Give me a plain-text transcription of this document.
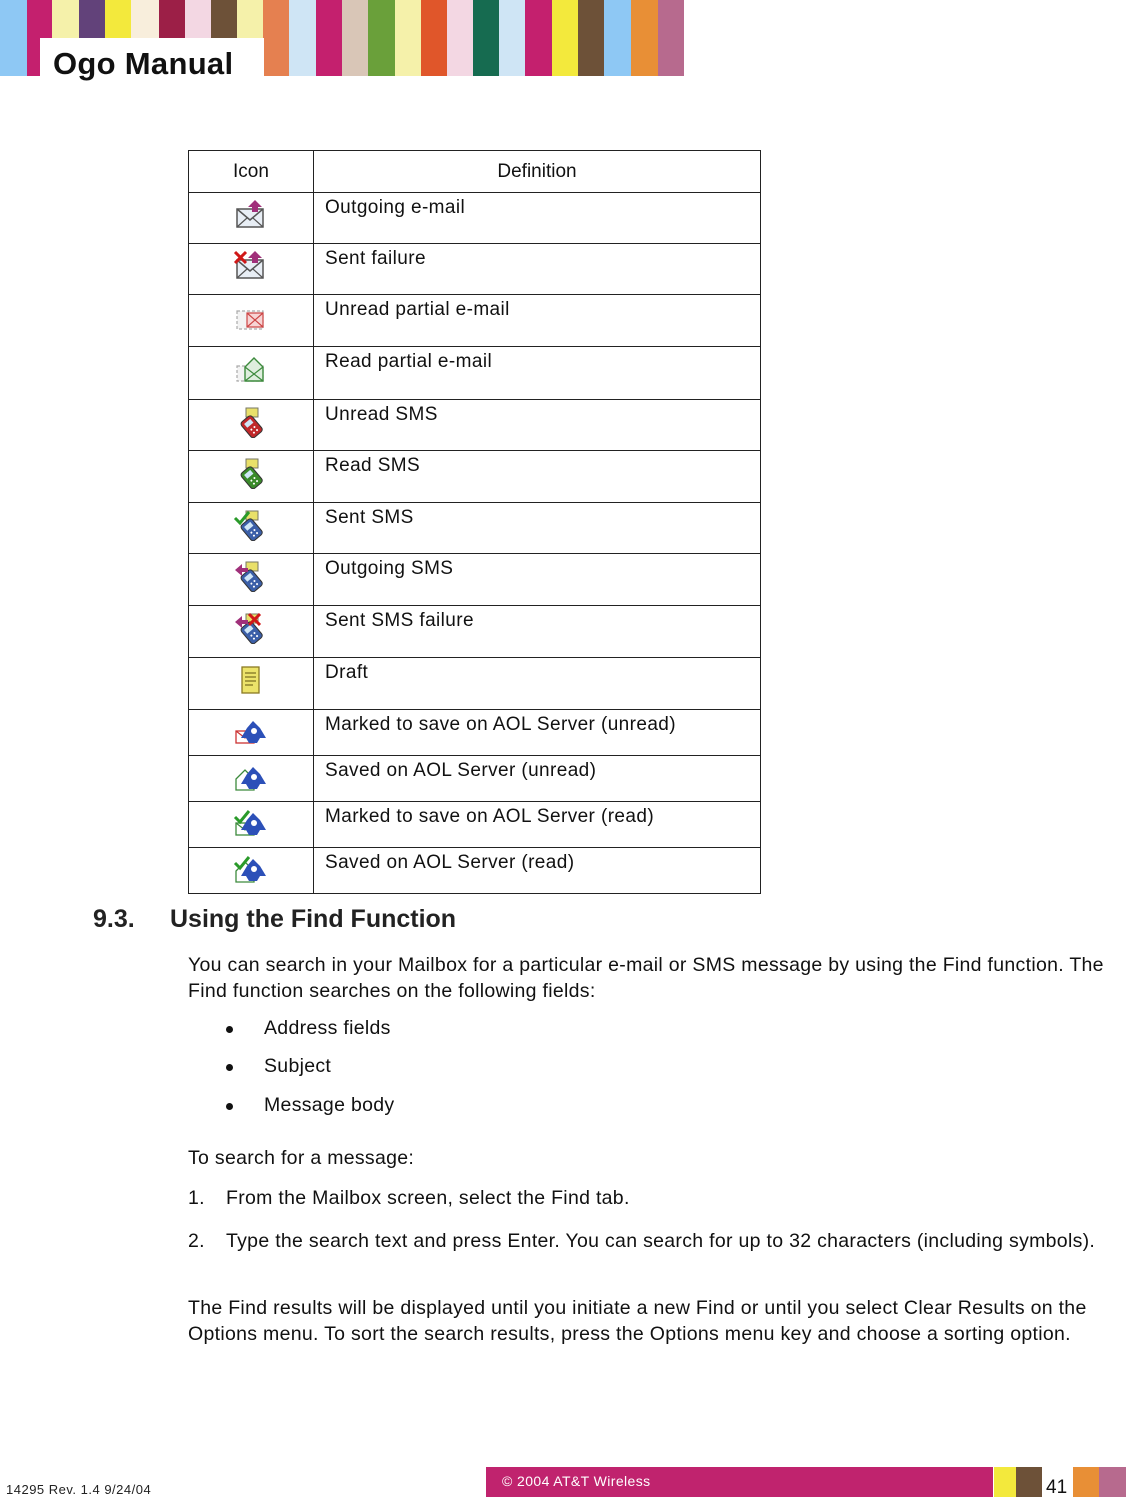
Ogo Manual
Icon	Definition
	Outgoing e-mail
	Sent failure
	Unread partial e-mail
	Read partial e-mail
	Unread SMS
	Read SMS
	Sent SMS
	Outgoing SMS
	Sent SMS failure
	Draft
	Marked to save on AOL Server (unread)
	Saved on AOL Server (unread)
	Marked to save on AOL Server (read)
	Saved on AOL Server (read)
9.3. Using the Find Function
You can search in your Mailbox for a particular e-mail or SMS message by using the Find function. The Find function searches on the following fields:
Address fields
Subject
Message body
To search for a message:
1. From the Mailbox screen, select the Find tab.
2. Type the search text and press Enter. You can search for up to 32 characters (including symbols).
The Find results will be displayed until you initiate a new Find or until you select Clear Results on the Options menu. To sort the search results, press the Options menu key and choose a sorting option.
14295 Rev. 1.4 9/24/04
© 2004 AT&T Wireless	41
